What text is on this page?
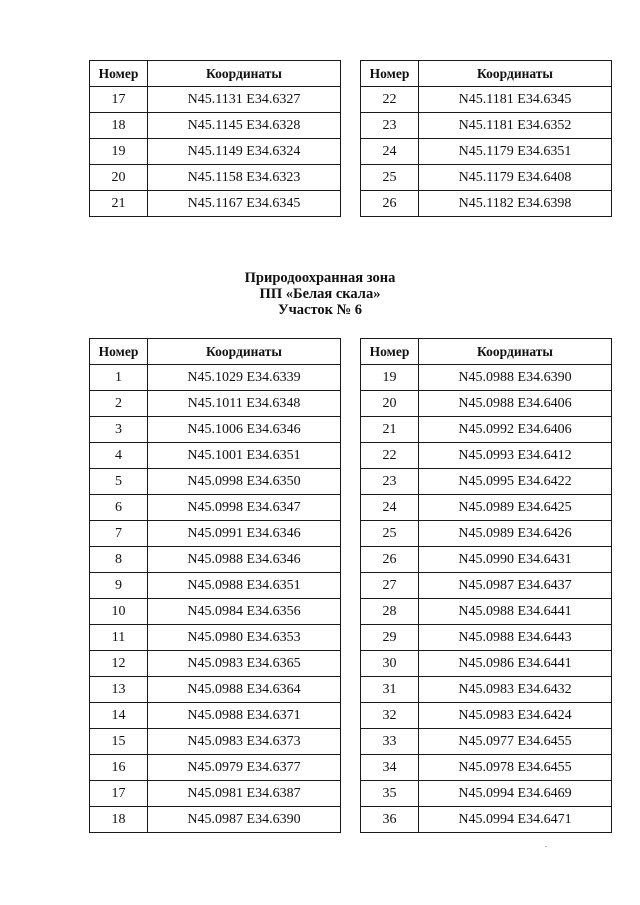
Номер	Координаты
17	N45.1131 E34.6327
18	N45.1145 E34.6328
19	N45.1149 E34.6324
20	N45.1158 E34.6323
21	N45.1167 E34.6345
Номер	Координаты
22	N45.1181 E34.6345
23	N45.1181 E34.6352
24	N45.1179 E34.6351
25	N45.1179 E34.6408
26	N45.1182 E34.6398
Природоохранная зона
ПП «Белая скала»
Участок № 6
Номер	Координаты
1	N45.1029 E34.6339
2	N45.1011 E34.6348
3	N45.1006 E34.6346
4	N45.1001 E34.6351
5	N45.0998 E34.6350
6	N45.0998 E34.6347
7	N45.0991 E34.6346
8	N45.0988 E34.6346
9	N45.0988 E34.6351
10	N45.0984 E34.6356
11	N45.0980 E34.6353
12	N45.0983 E34.6365
13	N45.0988 E34.6364
14	N45.0988 E34.6371
15	N45.0983 E34.6373
16	N45.0979 E34.6377
17	N45.0981 E34.6387
18	N45.0987 E34.6390
Номер	Координаты
19	N45.0988 E34.6390
20	N45.0988 E34.6406
21	N45.0992 E34.6406
22	N45.0993 E34.6412
23	N45.0995 E34.6422
24	N45.0989 E34.6425
25	N45.0989 E34.6426
26	N45.0990 E34.6431
27	N45.0987 E34.6437
28	N45.0988 E34.6441
29	N45.0988 E34.6443
30	N45.0986 E34.6441
31	N45.0983 E34.6432
32	N45.0983 E34.6424
33	N45.0977 E34.6455
34	N45.0978 E34.6455
35	N45.0994 E34.6469
36	N45.0994 E34.6471
